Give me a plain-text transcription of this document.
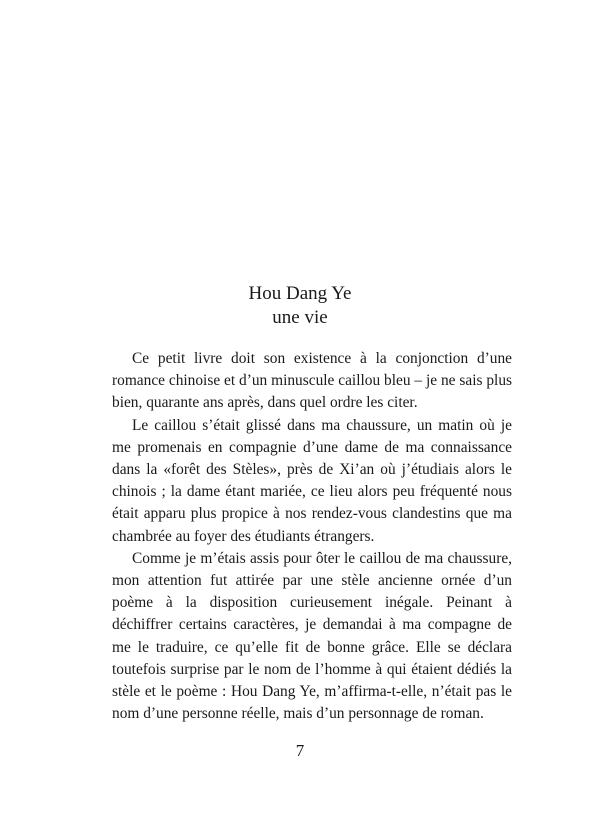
Hou Dang Ye
une vie

Ce petit livre doit son existence à la conjonction d’une romance chinoise et d’un minuscule caillou bleu – je ne sais plus bien, quarante ans après, dans quel ordre les citer.

Le caillou s’était glissé dans ma chaussure, un matin où je me promenais en compagnie d’une dame de ma connaissance dans la «forêt des Stèles», près de Xi’an où j’étudiais alors le chinois ; la dame étant mariée, ce lieu alors peu fréquenté nous était apparu plus propice à nos rendez-vous clandestins que ma chambrée au foyer des étudiants étrangers.

Comme je m’étais assis pour ôter le caillou de ma chaussure, mon attention fut attirée par une stèle ancienne ornée d’un poème à la disposition curieusement inégale. Peinant à déchiffrer certains caractères, je demandai à ma compagne de me le traduire, ce qu’elle fit de bonne grâce. Elle se déclara toutefois surprise par le nom de l’homme à qui étaient dédiés la stèle et le poème : Hou Dang Ye, m’affirma-t-elle, n’était pas le nom d’une personne réelle, mais d’un personnage de roman.

7
